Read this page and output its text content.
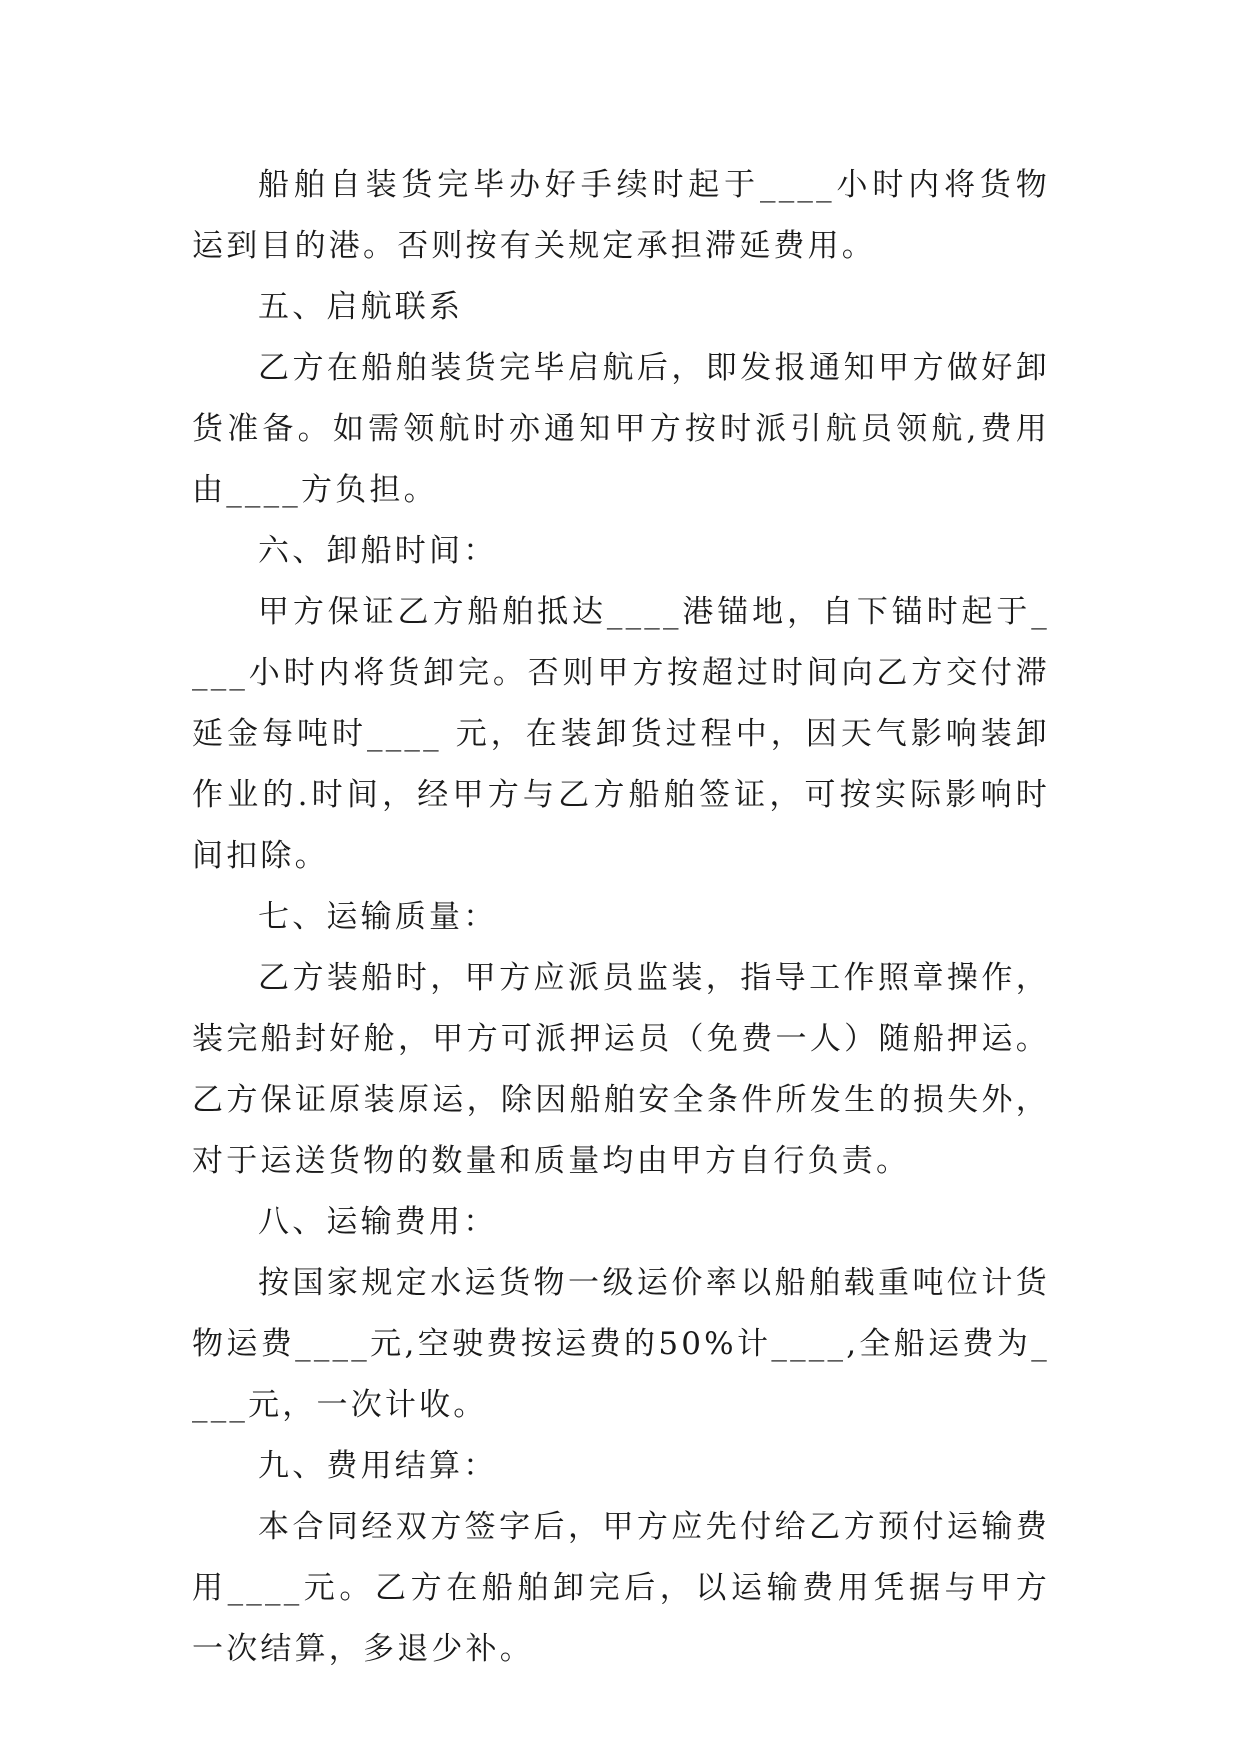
船舶自装货完毕办好手续时起于____小时内将货物运到目的港。否则按有关规定承担滞延费用。

五、启航联系

乙方在船舶装货完毕启航后，即发报通知甲方做好卸货准备。如需领航时亦通知甲方按时派引航员领航,费用由____方负担。

六、卸船时间：

甲方保证乙方船舶抵达____港锚地，自下锚时起于____小时内将货卸完。否则甲方按超过时间向乙方交付滞延金每吨时____ 元，在装卸货过程中，因天气影响装卸作业的.时间，经甲方与乙方船舶签证，可按实际影响时间扣除。

七、运输质量：

乙方装船时，甲方应派员监装，指导工作照章操作，装完船封好舱，甲方可派押运员（免费一人）随船押运。乙方保证原装原运，除因船舶安全条件所发生的损失外，对于运送货物的数量和质量均由甲方自行负责。

八、运输费用：

按国家规定水运货物一级运价率以船舶载重吨位计货物运费____元,空驶费按运费的50%计____,全船运费为____元，一次计收。

九、费用结算：

本合同经双方签字后，甲方应先付给乙方预付运输费用____元。乙方在船舶卸完后，以运输费用凭据与甲方一次结算，多退少补。
